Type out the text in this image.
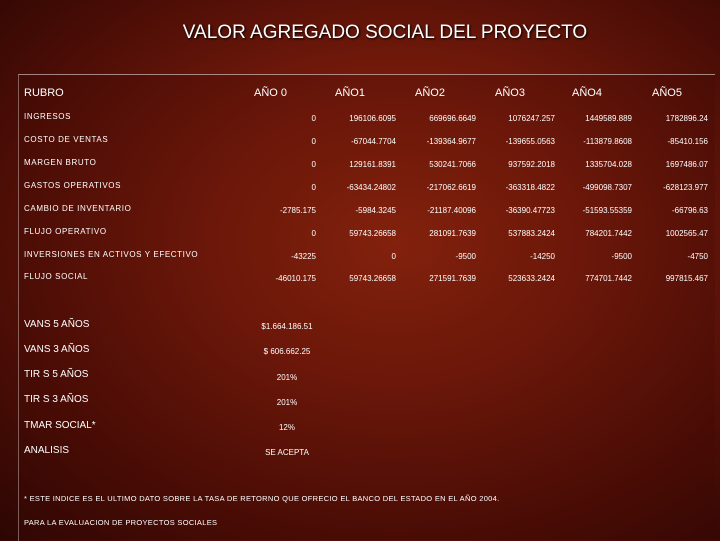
VALOR AGREGADO SOCIAL DEL PROYECTO
RUBRO	AÑO 0	AÑO1	AÑO2	AÑO3	AÑO4	AÑO5
INGRESOS	0	196106.6095	669696.6649	1076247.257	1449589.889	1782896.24
COSTO DE VENTAS	0	-67044.7704	-139364.9677	-139655.0563	-113879.8608	-85410.156
MARGEN BRUTO	0	129161.8391	530241.7066	937592.2018	1335704.028	1697486.07
GASTOS OPERATIVOS	0	-63434.24802	-217062.6619	-363318.4822	-499098.7307	-628123.977
CAMBIO DE INVENTARIO	-2785.175	-5984.3245	-21187.40096	-36390.47723	-51593.55359	-66796.63
FLUJO OPERATIVO	0	59743.26658	281091.7639	537883.2424	784201.7442	1002565.47
INVERSIONES EN ACTIVOS Y EFECTIVO	-43225	0	-9500	-14250	-9500	-4750
FLUJO SOCIAL	-46010.175	59743.26658	271591.7639	523633.2424	774701.7442	997815.467
VANS 5 AÑOS	$1.664.186.51
VANS 3 AÑOS	$ 606.662.25
TIR S 5 AÑOS	201%
TIR S 3 AÑOS	201%
TMAR SOCIAL*	12%
ANALISIS	SE ACEPTA
* ESTE INDICE ES EL ULTIMO DATO SOBRE LA TASA DE RETORNO QUE OFRECIO EL BANCO DEL ESTADO EN EL AÑO 2004.
PARA LA EVALUACION DE PROYECTOS SOCIALES
